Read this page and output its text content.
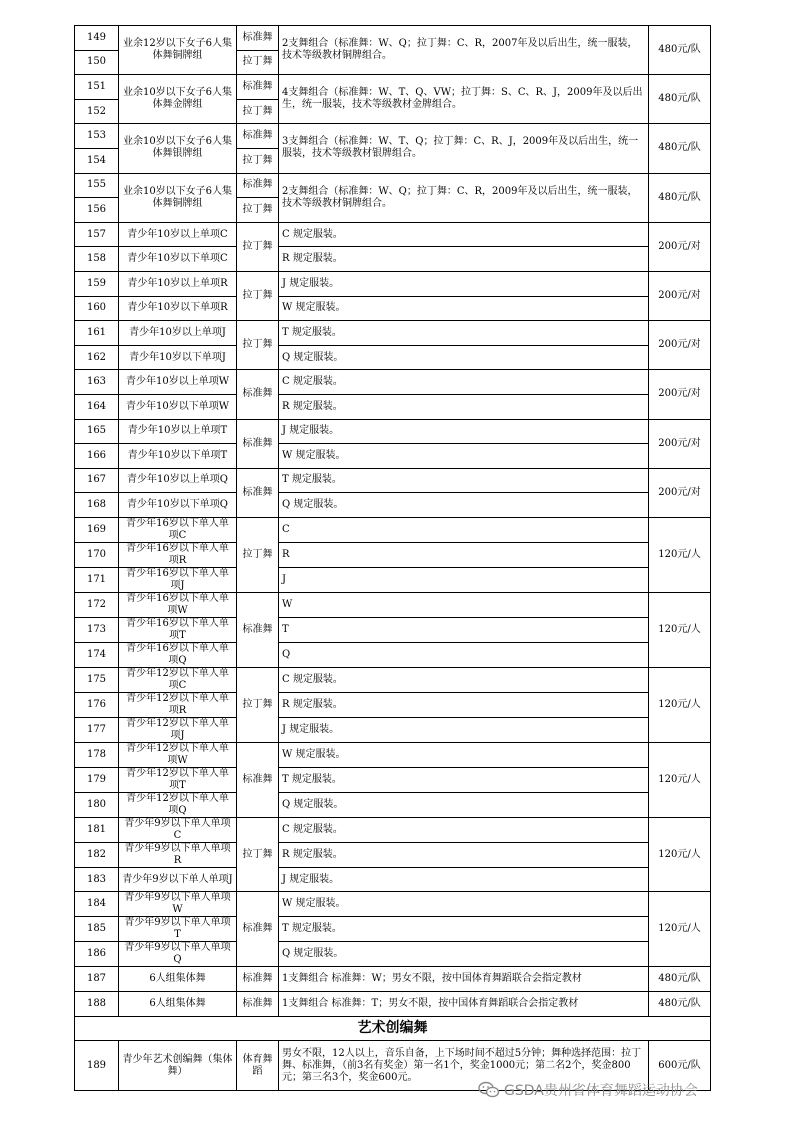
149	业余12岁以下女子6人集体舞铜牌组	标准舞	2支舞组合（标准舞：W、Q；拉丁舞：C、R，2007年及以后出生，统一服装，技术等级教材铜牌组合。	480元/队
150		拉丁舞		
151	业余10岁以下女子6人集体舞金牌组	标准舞	4支舞组合（标准舞：W、T、Q、VW；拉丁舞：S、C、R、J，2009年及以后出生，统一服装，技术等级教材金牌组合。	480元/队
152		拉丁舞		
153	业余10岁以下女子6人集体舞银牌组	标准舞	3支舞组合（标准舞：W、T、Q；拉丁舞：C、R、J，2009年及以后出生，统一服装，技术等级教材银牌组合。	480元/队
154		拉丁舞		
155	业余10岁以下女子6人集体舞铜牌组	标准舞	2支舞组合（标准舞：W、Q；拉丁舞：C、R，2009年及以后出生，统一服装，技术等级教材铜牌组合。	480元/队
156		拉丁舞		
157	青少年10岁以上单项C	拉丁舞	C 规定服装。	200元/对
158	青少年10岁以下单项C		R 规定服装。	
159	青少年10岁以上单项R	拉丁舞	J 规定服装。	200元/对
160	青少年10岁以下单项R		W 规定服装。	
161	青少年10岁以上单项J	拉丁舞	T 规定服装。	200元/对
162	青少年10岁以下单项J		Q 规定服装。	
163	青少年10岁以上单项W	标准舞	C 规定服装。	200元/对
164	青少年10岁以下单项W		R 规定服装。	
165	青少年10岁以上单项T	标准舞	J 规定服装。	200元/对
166	青少年10岁以下单项T		W 规定服装。	
167	青少年10岁以上单项Q	标准舞	T 规定服装。	200元/对
168	青少年10岁以下单项Q		Q 规定服装。	
169	青少年16岁以下单人单项C	拉丁舞	C	120元/人
170	青少年16岁以下单人单项R		R	
171	青少年16岁以下单人单项J		J	
172	青少年16岁以下单人单项W	标准舞	W	120元/人
173	青少年16岁以下单人单项T		T	
174	青少年16岁以下单人单项Q		Q	
175	青少年12岁以下单人单项C	拉丁舞	C 规定服装。	120元/人
176	青少年12岁以下单人单项R		R 规定服装。	
177	青少年12岁以下单人单项J		J 规定服装。	
178	青少年12岁以下单人单项W	标准舞	W 规定服装。	120元/人
179	青少年12岁以下单人单项T		T 规定服装。	
180	青少年12岁以下单人单项Q		Q 规定服装。	
181	青少年9岁以下单人单项C	拉丁舞	C 规定服装。	120元/人
182	青少年9岁以下单人单项R		R 规定服装。	
183	青少年9岁以下单人单项J		J 规定服装。	
184	青少年9岁以下单人单项W	标准舞	W 规定服装。	120元/人
185	青少年9岁以下单人单项T		T 规定服装。	
186	青少年9岁以下单人单项Q		Q 规定服装。	
187	6人组集体舞	标准舞	1支舞组合 标准舞：W；男女不限，按中国体育舞蹈联合会指定教材	480元/队
188	6人组集体舞	标准舞	1支舞组合 标准舞：T；男女不限，按中国体育舞蹈联合会指定教材	480元/队
艺术创编舞				
189	青少年艺术创编舞（集体舞）	体育舞蹈	男女不限，12人以上，音乐自备，上下场时间不超过5分钟；舞种选择范围：拉丁舞、标准舞，（前3名有奖金）第一名1个，奖金1000元；第二名2个，奖金800元；第三名3个，奖金600元。	600元/队
GSDA贵州省体育舞蹈运动协会
